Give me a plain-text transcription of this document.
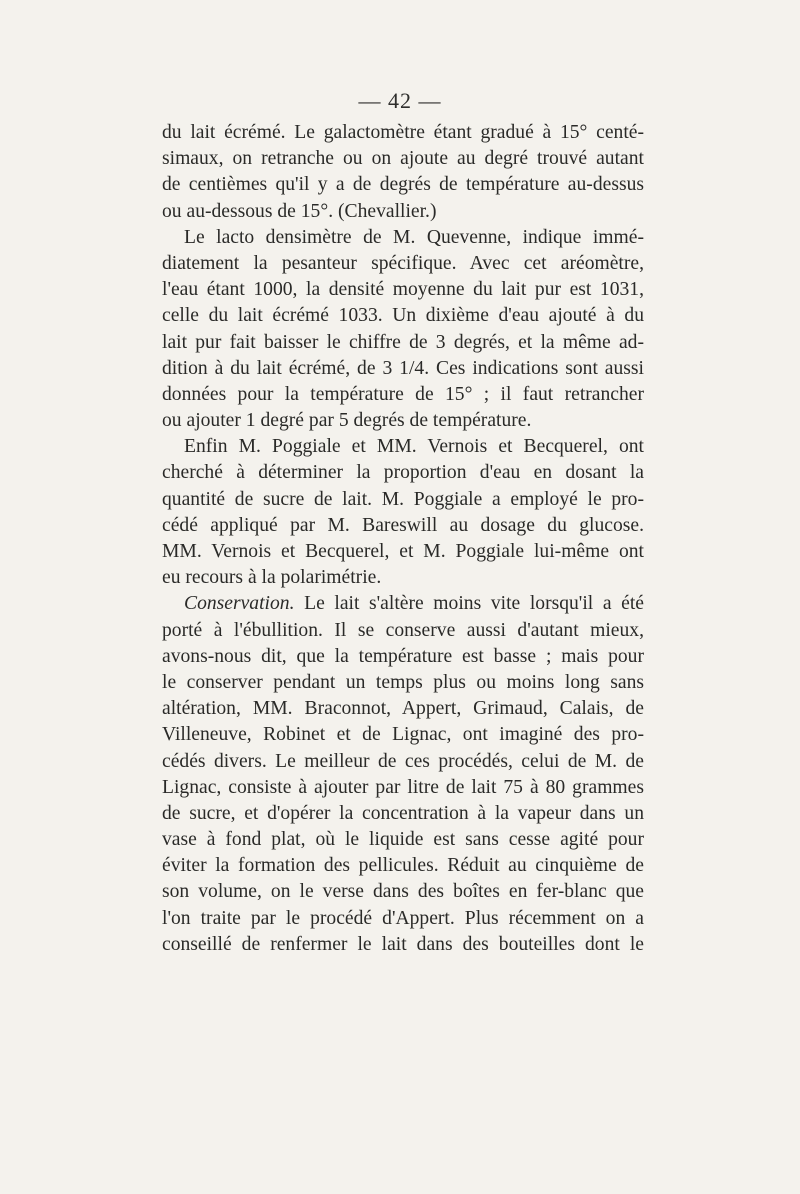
— 42 —
du lait écrémé. Le galactomètre étant gradué à 15° centé-
simaux, on retranche ou on ajoute au degré trouvé autant
de centièmes qu'il y a de degrés de température au-dessus
ou au-dessous de 15°. (Chevallier.)
Le lacto densimètre de M. Quevenne, indique immé-
diatement la pesanteur spécifique. Avec cet aréomètre,
l'eau étant 1000, la densité moyenne du lait pur est 1031,
celle du lait écrémé 1033. Un dixième d'eau ajouté à du
lait pur fait baisser le chiffre de 3 degrés, et la même ad-
dition à du lait écrémé, de 3 1/4. Ces indications sont aussi
données pour la température de 15° ; il faut retrancher
ou ajouter 1 degré par 5 degrés de température.
Enfin M. Poggiale et MM. Vernois et Becquerel, ont
cherché à déterminer la proportion d'eau en dosant la
quantité de sucre de lait. M. Poggiale a employé le pro-
cédé appliqué par M. Bareswill au dosage du glucose.
MM. Vernois et Becquerel, et M. Poggiale lui-même ont
eu recours à la polarimétrie.
Conservation. Le lait s'altère moins vite lorsqu'il a été
porté à l'ébullition. Il se conserve aussi d'autant mieux,
avons-nous dit, que la température est basse ; mais pour
le conserver pendant un temps plus ou moins long sans
altération, MM. Braconnot, Appert, Grimaud, Calais, de
Villeneuve, Robinet et de Lignac, ont imaginé des pro-
cédés divers. Le meilleur de ces procédés, celui de M. de
Lignac, consiste à ajouter par litre de lait 75 à 80 grammes
de sucre, et d'opérer la concentration à la vapeur dans un
vase à fond plat, où le liquide est sans cesse agité pour
éviter la formation des pellicules. Réduit au cinquième de
son volume, on le verse dans des boîtes en fer-blanc que
l'on traite par le procédé d'Appert. Plus récemment on a
conseillé de renfermer le lait dans des bouteilles dont le
